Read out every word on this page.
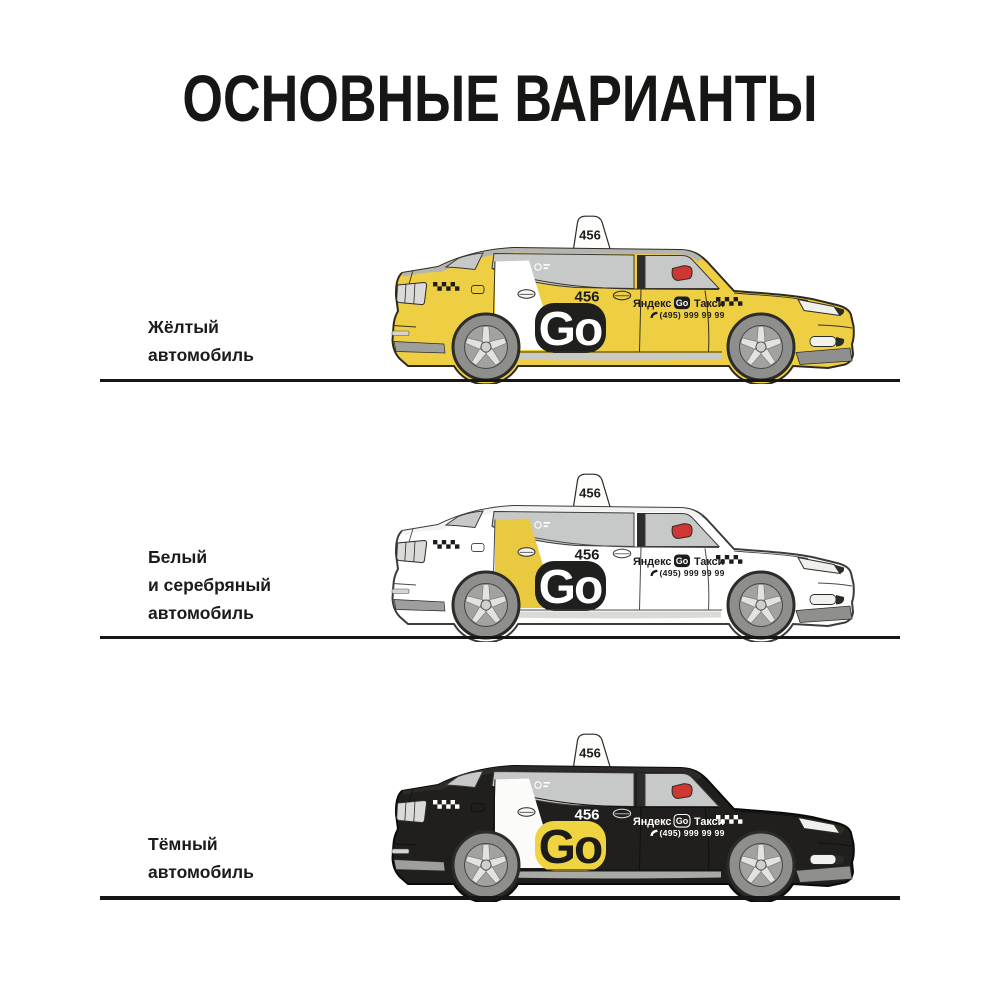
ОСНОВНЫЕ ВАРИАНТЫ
Жёлтый
автомобиль
Белый
и серебряный
автомобиль
Тёмный
автомобиль
